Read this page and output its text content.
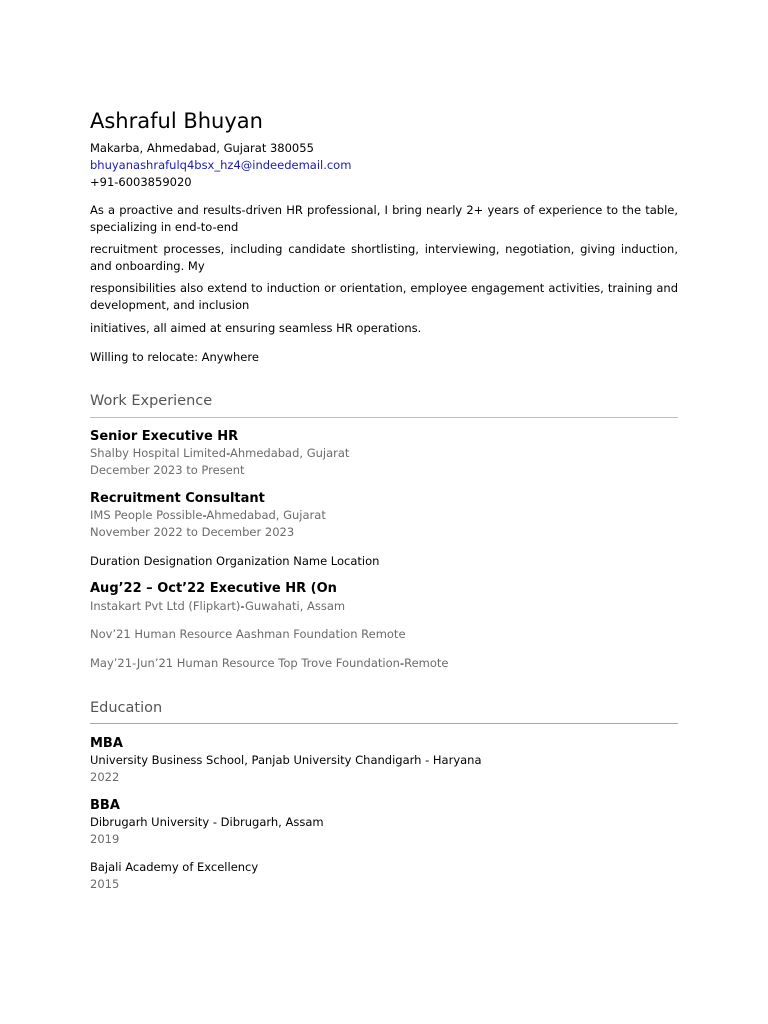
Ashraful Bhuyan
Makarba, Ahmedabad, Gujarat 380055
bhuyanashrafulq4bsx_hz4@indeedemail.com
+91-6003859020

As a proactive and results-driven HR professional, I bring nearly 2+ years of experience to the table, specializing in end-to-end

recruitment processes, including candidate shortlisting, interviewing, negotiation, giving induction, and onboarding. My

responsibilities also extend to induction or orientation, employee engagement activities, training and development, and inclusion

initiatives, all aimed at ensuring seamless HR operations.

Willing to relocate: Anywhere

Work Experience
Senior Executive HR
Shalby Hospital Limited-Ahmedabad, Gujarat
December 2023 to Present
Recruitment Consultant
IMS People Possible-Ahmedabad, Gujarat
November 2022 to December 2023
Duration Designation Organization Name Location
Aug’22 – Oct’22 Executive HR (On
Instakart Pvt Ltd (Flipkart)-Guwahati, Assam
Nov’21 Human Resource Aashman Foundation Remote
May’21-Jun’21 Human Resource Top Trove Foundation-Remote
Education
MBA
University Business School, Panjab University Chandigarh - Haryana
2022
BBA
Dibrugarh University - Dibrugarh, Assam
2019
Bajali Academy of Excellency
2015
